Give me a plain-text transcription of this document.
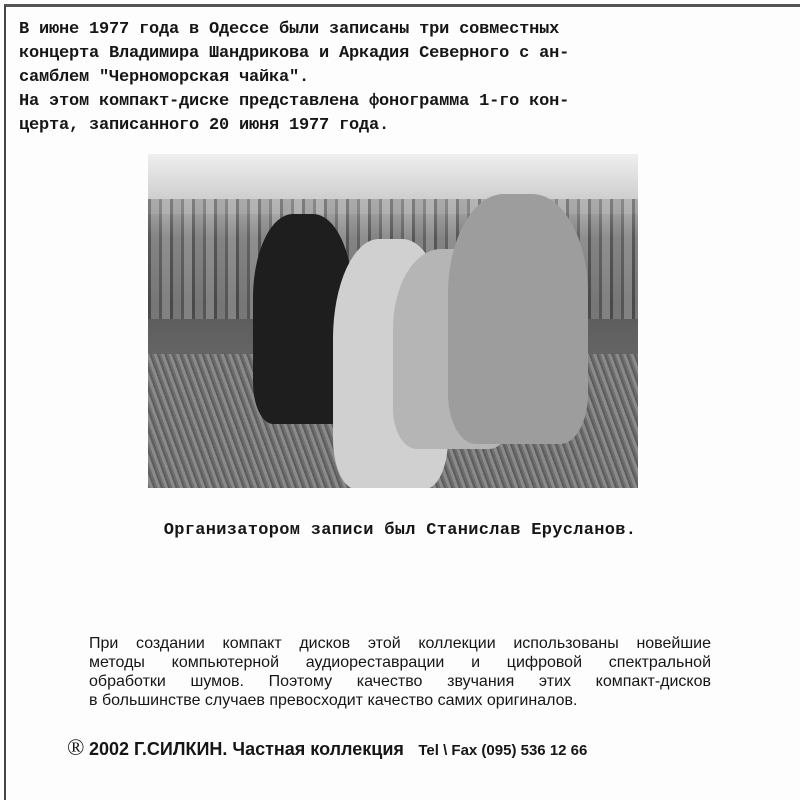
В июне 1977 года в Одессе были записаны три совместных
концерта Владимира Шандрикова и Аркадия Северного с ан-
самблем "Черноморская чайка".
На этом компакт-диске представлена фонограмма 1-го кон-
церта, записанного 20 июня 1977 года.
Организатором записи был Станислав Ерусланов.
При создании компакт дисков этой коллекции использованы новейшие
методы компьютерной аудиореставрации и цифровой спектральной
обработки шумов. Поэтому качество звучания этих компакт-дисков
в большинстве случаев превосходит качество самих оригиналов.
® 2002 Г.СИЛКИН. Частная коллекция Tel \ Fax (095) 536 12 66
